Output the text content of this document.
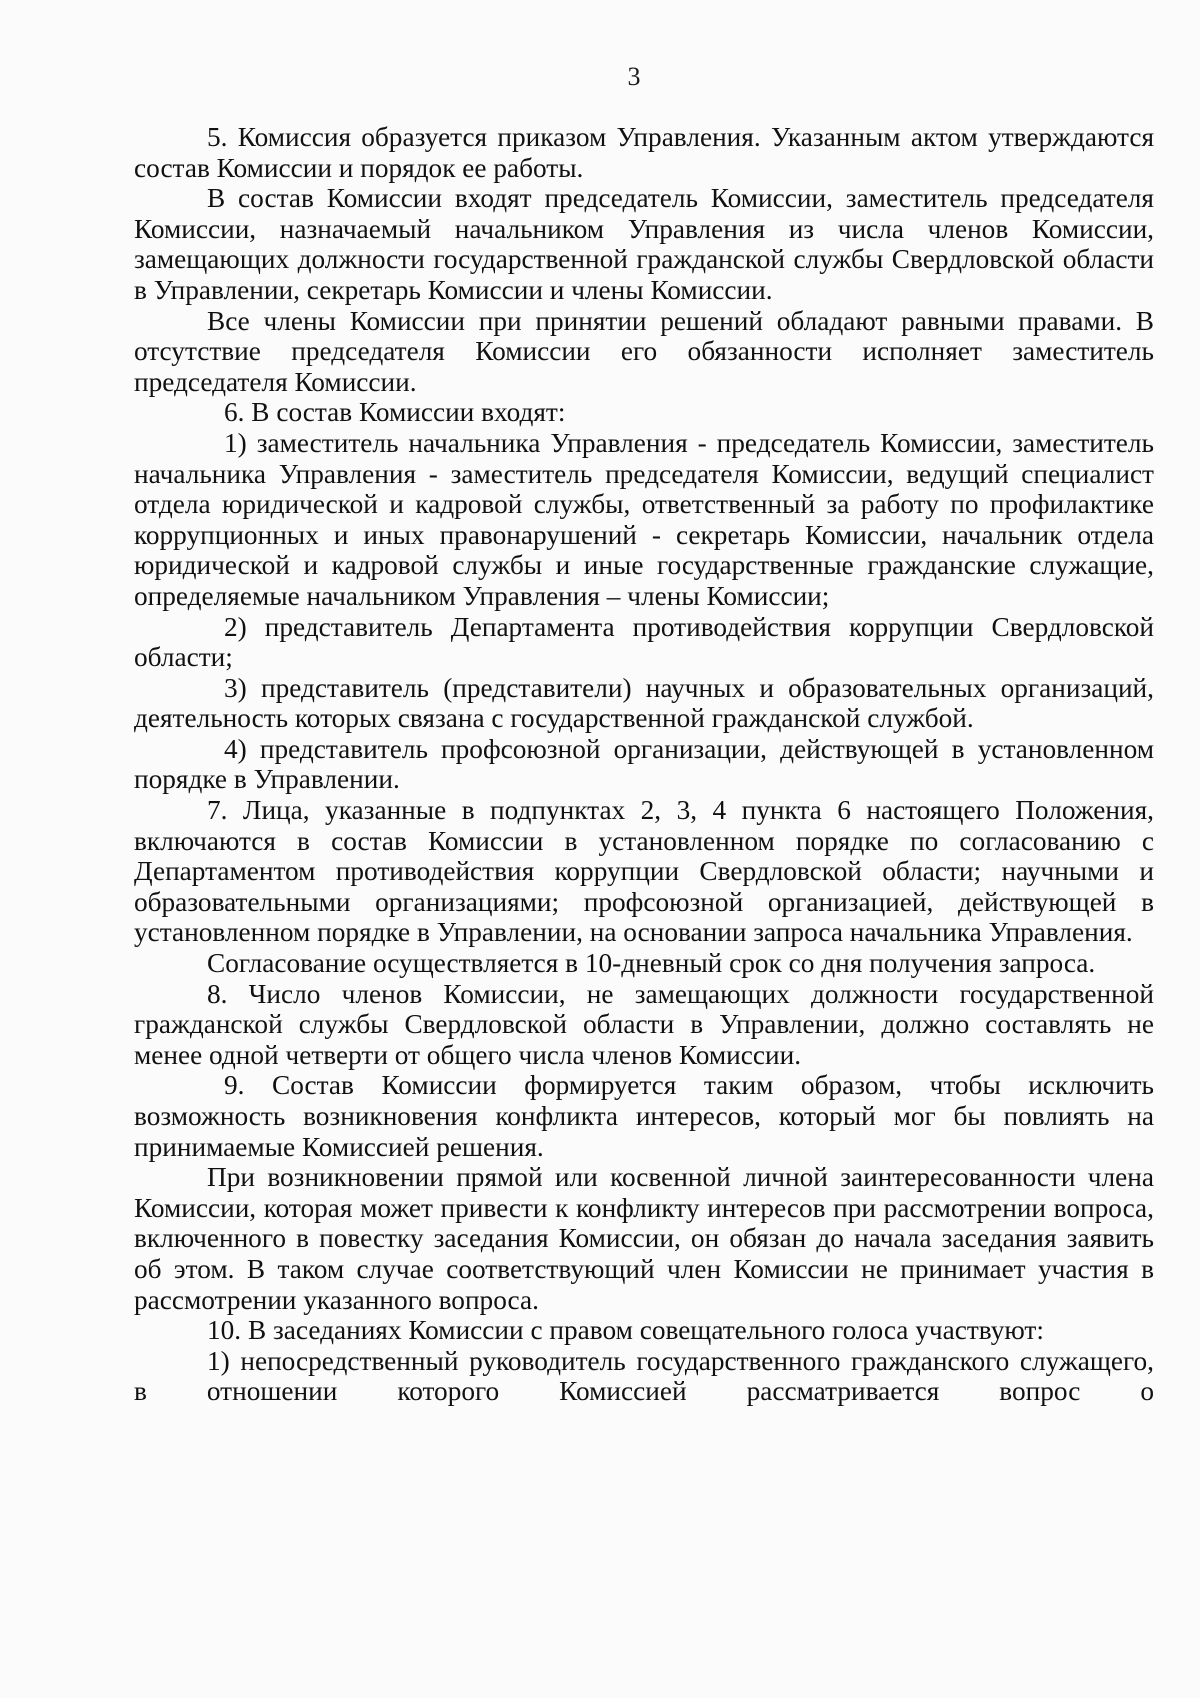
3

5. Комиссия образуется приказом Управления. Указанным актом утверждаются состав Комиссии и порядок ее работы.

В состав Комиссии входят председатель Комиссии, заместитель председателя Комиссии, назначаемый начальником Управления из числа членов Комиссии, замещающих должности государственной гражданской службы Свердловской области в Управлении, секретарь Комиссии и члены Комиссии.

Все члены Комиссии при принятии решений обладают равными правами. В отсутствие председателя Комиссии его обязанности исполняет заместитель председателя Комиссии.

6. В состав Комиссии входят:

1) заместитель начальника Управления - председатель Комиссии, заместитель начальника Управления - заместитель председателя Комиссии, ведущий специалист отдела юридической и кадровой службы, ответственный за работу по профилактике коррупционных и иных правонарушений - секретарь Комиссии, начальник отдела юридической и кадровой службы и иные государственные гражданские служащие, определяемые начальником Управления – члены Комиссии;

2) представитель Департамента противодействия коррупции Свердловской области;

3) представитель (представители) научных и образовательных организаций, деятельность которых связана с государственной гражданской службой.

4) представитель профсоюзной организации, действующей в установленном порядке в Управлении.

7. Лица, указанные в подпунктах 2, 3, 4 пункта 6 настоящего Положения, включаются в состав Комиссии в установленном порядке по согласованию с Департаментом противодействия коррупции Свердловской области; научными и образовательными организациями; профсоюзной организацией, действующей в установленном порядке в Управлении, на основании запроса начальника Управления.

Согласование осуществляется в 10-дневный срок со дня получения запроса.

8. Число членов Комиссии, не замещающих должности государственной гражданской службы Свердловской области в Управлении, должно составлять не менее одной четверти от общего числа членов Комиссии.

9. Состав Комиссии формируется таким образом, чтобы исключить возможность возникновения конфликта интересов, который мог бы повлиять на принимаемые Комиссией решения.

При возникновении прямой или косвенной личной заинтересованности члена Комиссии, которая может привести к конфликту интересов при рассмотрении вопроса, включенного в повестку заседания Комиссии, он обязан до начала заседания заявить об этом. В таком случае соответствующий член Комиссии не принимает участия в рассмотрении указанного вопроса.

10. В заседаниях Комиссии с правом совещательного голоса участвуют:

1) непосредственный руководитель государственного гражданского служащего, в отношении которого Комиссией рассматривается вопрос о
